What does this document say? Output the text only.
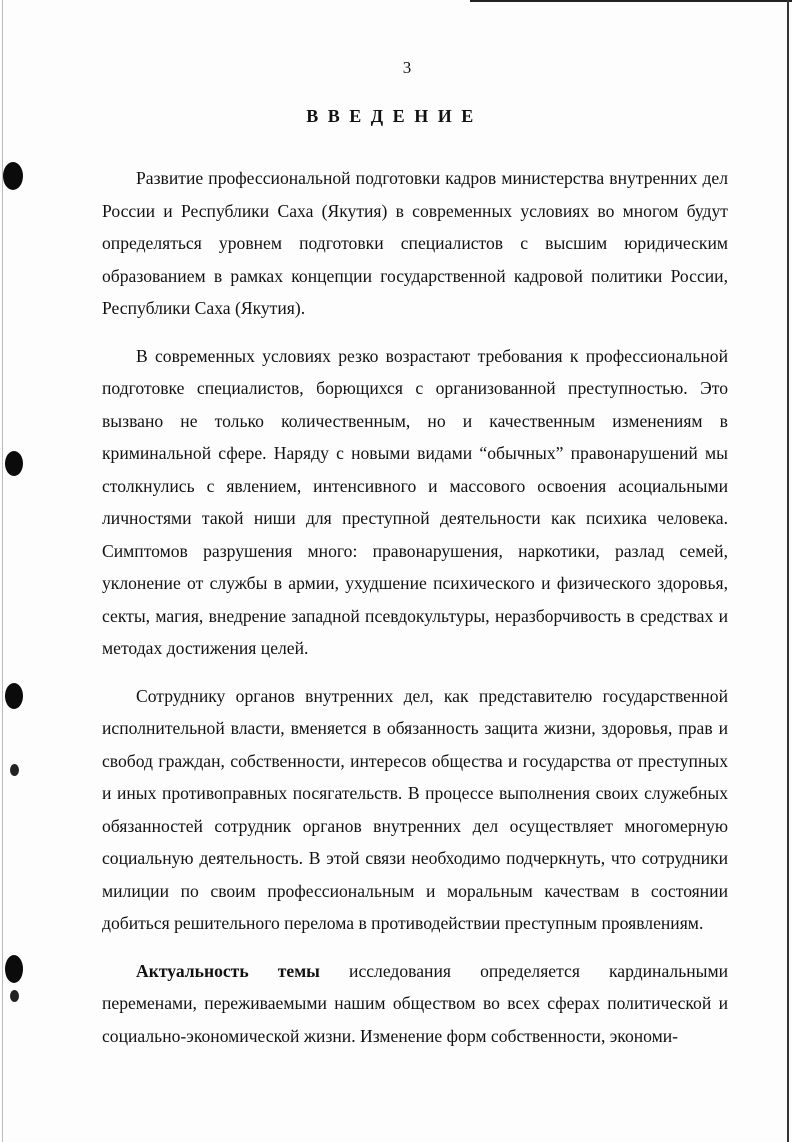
3
В В Е Д Е Н И Е

Развитие профессиональной подготовки кадров министерства внутренних дел России и Республики Саха (Якутия) в современных условиях во многом будут определяться уровнем подготовки специалистов с высшим юридическим образованием в рамках концепции государственной кадровой политики России, Республики Саха (Якутия).

В современных условиях резко возрастают требования к профессиональной подготовке специалистов, борющихся с организованной преступностью. Это вызвано не только количественным, но и качественным изменениям в криминальной сфере. Наряду с новыми видами “обычных” правонарушений мы столкнулись с явлением, интенсивного и массового освоения асоциальными личностями такой ниши для преступной деятельности как психика человека. Симптомов разрушения много: правонарушения, наркотики, разлад семей, уклонение от службы в армии, ухудшение психического и физического здоровья, секты, магия, внедрение западной псевдокультуры, неразборчивость в средствах и методах достижения целей.

Сотруднику органов внутренних дел, как представителю государственной исполнительной власти, вменяется в обязанность защита жизни, здоровья, прав и свобод граждан, собственности, интересов общества и государства от преступных и иных противоправных посягательств. В процессе выполнения своих служебных обязанностей сотрудник органов внутренних дел осуществляет многомерную социальную деятельность. В этой связи необходимо подчеркнуть, что сотрудники милиции по своим профессиональным и моральным качествам в состоянии добиться решительного перелома в противодействии преступным проявлениям.

Актуальность темы исследования определяется кардинальными переменами, переживаемыми нашим обществом во всех сферах политической и социально-экономической жизни. Изменение форм собственности, экономи-
